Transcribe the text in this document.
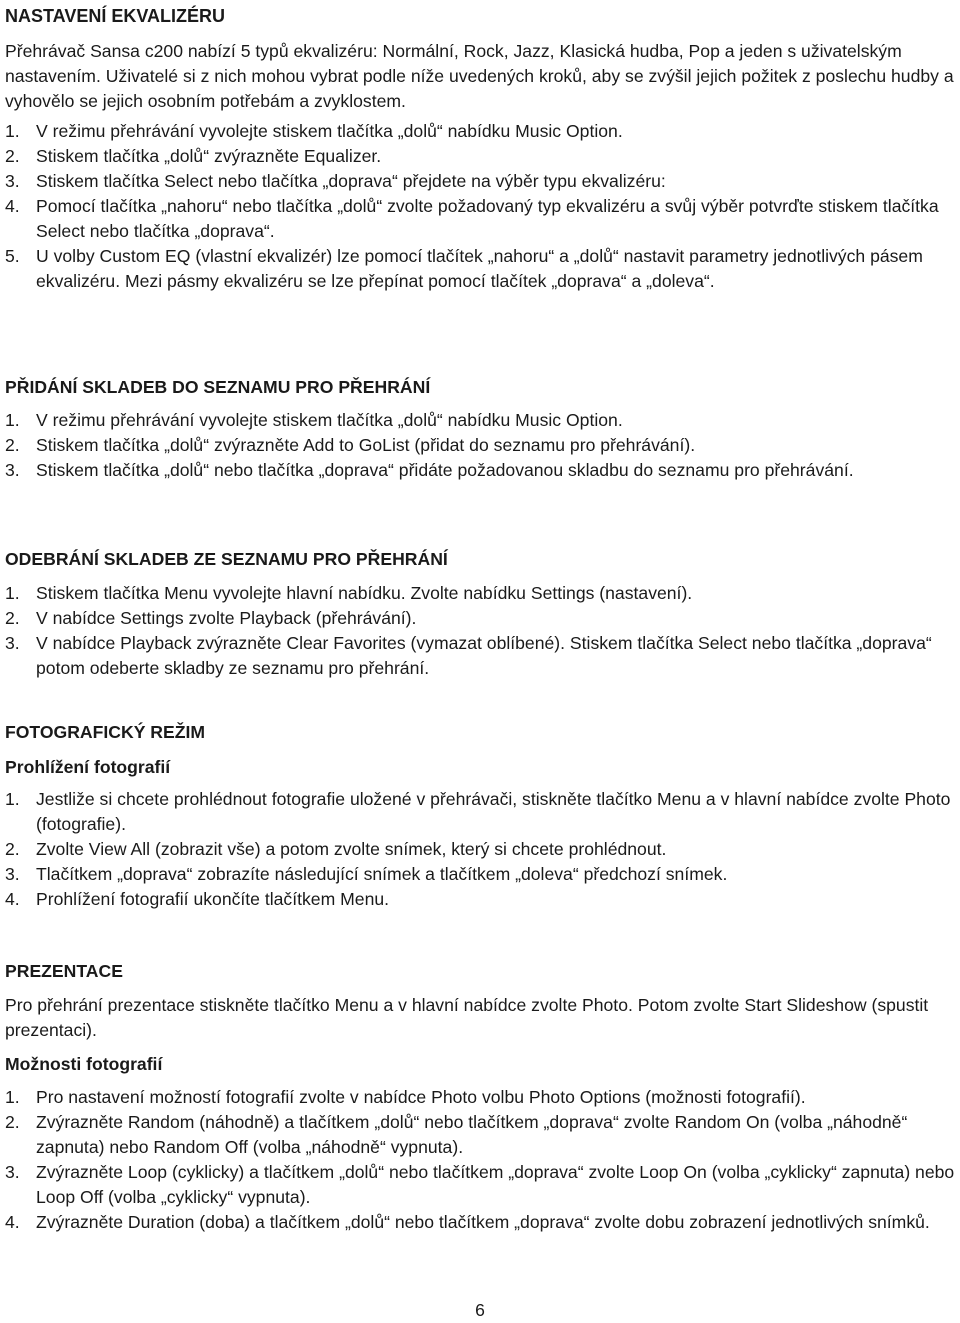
NASTAVENÍ EKVALIZÉRU

Přehrávač Sansa c200 nabízí 5 typů ekvalizéru: Normální, Rock, Jazz, Klasická hudba, Pop a jeden s uživatelským nastavením. Uživatelé si z nich mohou vybrat podle níže uvedených kroků, aby se zvýšil jejich požitek z poslechu hudby a vyhovělo se jejich osobním potřebám a zvyklostem.

1. V režimu přehrávání vyvolejte stiskem tlačítka „dolů“ nabídku Music Option.
2. Stiskem tlačítka „dolů“ zvýrazněte Equalizer.
3. Stiskem tlačítka Select nebo tlačítka „doprava“ přejdete na výběr typu ekvalizéru:
4. Pomocí tlačítka „nahoru“ nebo tlačítka „dolů“ zvolte požadovaný typ ekvalizéru a svůj výběr potvrďte stiskem tlačítka Select nebo tlačítka „doprava“.
5. U volby Custom EQ (vlastní ekvalizér) lze pomocí tlačítek „nahoru“ a „dolů“ nastavit parametry jednotlivých pásem ekvalizéru. Mezi pásmy ekvalizéru se lze přepínat pomocí tlačítek „doprava“ a „doleva“.

PŘIDÁNÍ SKLADEB DO SEZNAMU PRO PŘEHRÁNÍ

1. V režimu přehrávání vyvolejte stiskem tlačítka „dolů“ nabídku Music Option.
2. Stiskem tlačítka „dolů“ zvýrazněte Add to GoList (přidat do seznamu pro přehrávání).
3. Stiskem tlačítka „dolů“ nebo tlačítka „doprava“ přidáte požadovanou skladbu do seznamu pro přehrávání.

ODEBRÁNÍ SKLADEB ZE SEZNAMU PRO PŘEHRÁNÍ

1. Stiskem tlačítka Menu vyvolejte hlavní nabídku. Zvolte nabídku Settings (nastavení).
2. V nabídce Settings zvolte Playback (přehrávání).
3. V nabídce Playback zvýrazněte Clear Favorites (vymazat oblíbené). Stiskem tlačítka Select nebo tlačítka „doprava“ potom odeberte skladby ze seznamu pro přehrání.

FOTOGRAFICKÝ REŽIM

Prohlížení fotografií

1. Jestliže si chcete prohlédnout fotografie uložené v přehrávači, stiskněte tlačítko Menu a v hlavní nabídce zvolte Photo (fotografie).
2. Zvolte View All (zobrazit vše) a potom zvolte snímek, který si chcete prohlédnout.
3. Tlačítkem „doprava“ zobrazíte následující snímek a tlačítkem „doleva“ předchozí snímek.
4. Prohlížení fotografií ukončíte tlačítkem Menu.

PREZENTACE

Pro přehrání prezentace stiskněte tlačítko Menu a v hlavní nabídce zvolte Photo. Potom zvolte Start Slideshow (spustit prezentaci).

Možnosti fotografií

1. Pro nastavení možností fotografií zvolte v nabídce Photo volbu Photo Options (možnosti fotografií).
2. Zvýrazněte Random (náhodně) a tlačítkem „dolů“ nebo tlačítkem „doprava“ zvolte Random On (volba „náhodně“ zapnuta) nebo Random Off (volba „náhodně“ vypnuta).
3. Zvýrazněte Loop (cyklicky) a tlačítkem „dolů“ nebo tlačítkem „doprava“ zvolte Loop On (volba „cyklicky“ zapnuta) nebo Loop Off (volba „cyklicky“ vypnuta).
4. Zvýrazněte Duration (doba) a tlačítkem „dolů“ nebo tlačítkem „doprava“ zvolte dobu zobrazení jednotlivých snímků.
6
